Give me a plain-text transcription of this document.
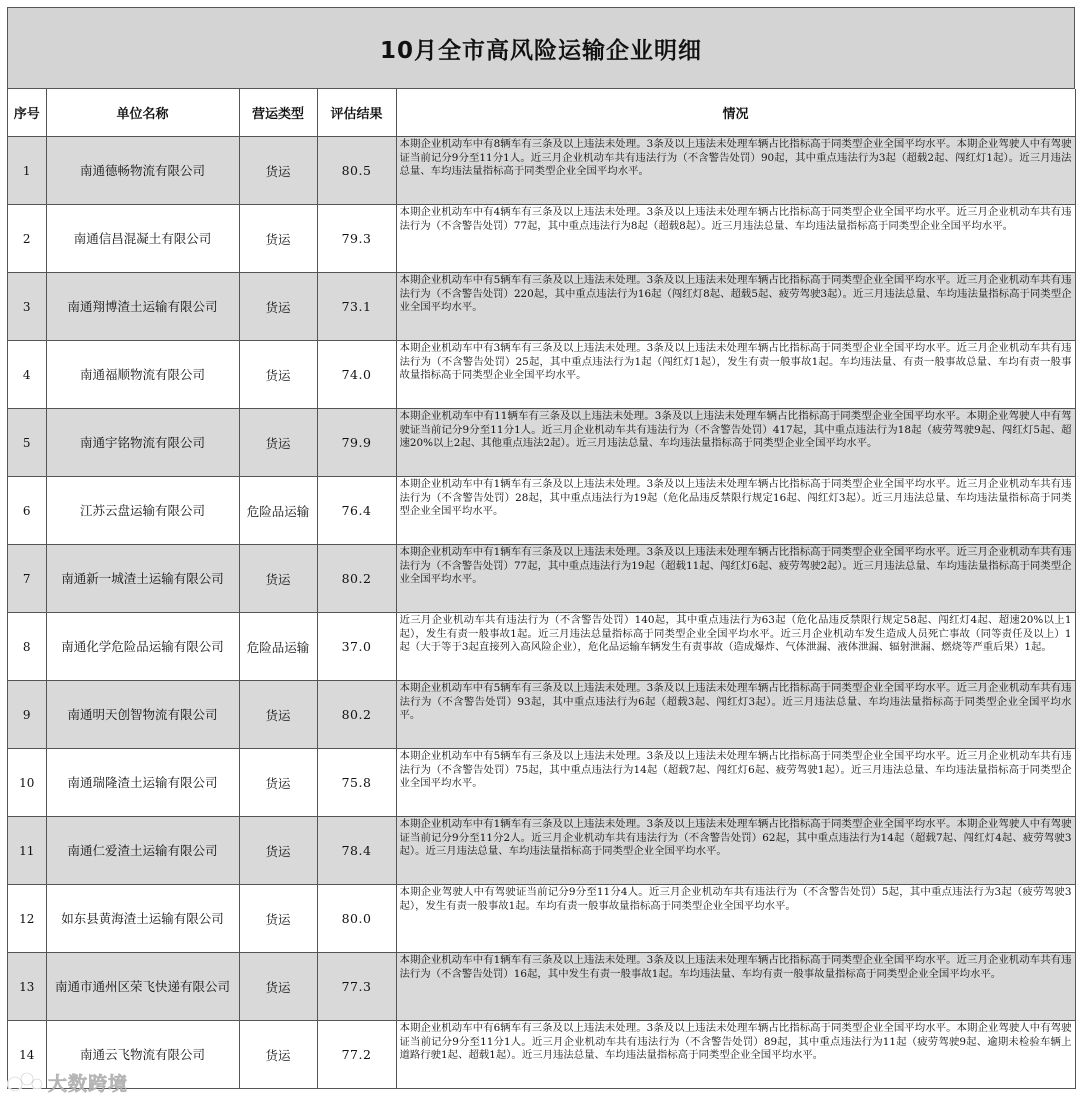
10月全市高风险运输企业明细
序号	单位名称	营运类型	评估结果	情况
1	南通德畅物流有限公司	货运	80.5	本期企业机动车中有8辆车有三条及以上违法未处理。3条及以上违法未处理车辆占比指标高于同类型企业全国平均水平。本期企业驾驶人中有驾驶证当前记分9分至11分1人。近三月企业机动车共有违法行为（不含警告处罚）90起，其中重点违法行为3起（超载2起、闯红灯1起）。近三月违法总量、车均违法量指标高于同类型企业全国平均水平。
2	南通信昌混凝土有限公司	货运	79.3	本期企业机动车中有4辆车有三条及以上违法未处理。3条及以上违法未处理车辆占比指标高于同类型企业全国平均水平。近三月企业机动车共有违法行为（不含警告处罚）77起，其中重点违法行为8起（超载8起）。近三月违法总量、车均违法量指标高于同类型企业全国平均水平。
3	南通翔博渣土运输有限公司	货运	73.1	本期企业机动车中有5辆车有三条及以上违法未处理。3条及以上违法未处理车辆占比指标高于同类型企业全国平均水平。近三月企业机动车共有违法行为（不含警告处罚）220起，其中重点违法行为16起（闯红灯8起、超载5起、疲劳驾驶3起）。近三月违法总量、车均违法量指标高于同类型企业全国平均水平。
4	南通福顺物流有限公司	货运	74.0	本期企业机动车中有3辆车有三条及以上违法未处理。3条及以上违法未处理车辆占比指标高于同类型企业全国平均水平。近三月企业机动车共有违法行为（不含警告处罚）25起，其中重点违法行为1起（闯红灯1起），发生有责一般事故1起。车均违法量、有责一般事故总量、车均有责一般事故量指标高于同类型企业全国平均水平。
5	南通宇铭物流有限公司	货运	79.9	本期企业机动车中有11辆车有三条及以上违法未处理。3条及以上违法未处理车辆占比指标高于同类型企业全国平均水平。本期企业驾驶人中有驾驶证当前记分9分至11分1人。近三月企业机动车共有违法行为（不含警告处罚）417起，其中重点违法行为18起（疲劳驾驶9起、闯红灯5起、超速20%以上2起、其他重点违法2起）。近三月违法总量、车均违法量指标高于同类型企业全国平均水平。
6	江苏云盘运输有限公司	危险品运输	76.4	本期企业机动车中有1辆车有三条及以上违法未处理。3条及以上违法未处理车辆占比指标高于同类型企业全国平均水平。近三月企业机动车共有违法行为（不含警告处罚）28起，其中重点违法行为19起（危化品违反禁限行规定16起、闯红灯3起）。近三月违法总量、车均违法量指标高于同类型企业全国平均水平。
7	南通新一城渣土运输有限公司	货运	80.2	本期企业机动车中有1辆车有三条及以上违法未处理。3条及以上违法未处理车辆占比指标高于同类型企业全国平均水平。近三月企业机动车共有违法行为（不含警告处罚）77起，其中重点违法行为19起（超载11起、闯红灯6起、疲劳驾驶2起）。近三月违法总量、车均违法量指标高于同类型企业全国平均水平。
8	南通化学危险品运输有限公司	危险品运输	37.0	近三月企业机动车共有违法行为（不含警告处罚）140起，其中重点违法行为63起（危化品违反禁限行规定58起、闯红灯4起、超速20%以上1起），发生有责一般事故1起。近三月违法总量指标高于同类型企业全国平均水平。近三月企业机动车发生造成人员死亡事故（同等责任及以上）1起（大于等于3起直接列入高风险企业），危化品运输车辆发生有责事故（造成爆炸、气体泄漏、液体泄漏、辐射泄漏、燃烧等严重后果）1起。
9	南通明天创智物流有限公司	货运	80.2	本期企业机动车中有5辆车有三条及以上违法未处理。3条及以上违法未处理车辆占比指标高于同类型企业全国平均水平。近三月企业机动车共有违法行为（不含警告处罚）93起，其中重点违法行为6起（超载3起、闯红灯3起）。近三月违法总量、车均违法量指标高于同类型企业全国平均水平。
10	南通瑞隆渣土运输有限公司	货运	75.8	本期企业机动车中有5辆车有三条及以上违法未处理。3条及以上违法未处理车辆占比指标高于同类型企业全国平均水平。近三月企业机动车共有违法行为（不含警告处罚）75起，其中重点违法行为14起（超载7起、闯红灯6起、疲劳驾驶1起）。近三月违法总量、车均违法量指标高于同类型企业全国平均水平。
11	南通仁爱渣土运输有限公司	货运	78.4	本期企业机动车中有1辆车有三条及以上违法未处理。3条及以上违法未处理车辆占比指标高于同类型企业全国平均水平。本期企业驾驶人中有驾驶证当前记分9分至11分2人。近三月企业机动车共有违法行为（不含警告处罚）62起，其中重点违法行为14起（超载7起、闯红灯4起、疲劳驾驶3起）。近三月违法总量、车均违法量指标高于同类型企业全国平均水平。
12	如东县黄海渣土运输有限公司	货运	80.0	本期企业驾驶人中有驾驶证当前记分9分至11分4人。近三月企业机动车共有违法行为（不含警告处罚）5起，其中重点违法行为3起（疲劳驾驶3起），发生有责一般事故1起。车均有责一般事故量指标高于同类型企业全国平均水平。
13	南通市通州区荣飞快递有限公司	货运	77.3	本期企业机动车中有1辆车有三条及以上违法未处理。3条及以上违法未处理车辆占比指标高于同类型企业全国平均水平。近三月企业机动车共有违法行为（不含警告处罚）16起，其中发生有责一般事故1起。车均违法量、车均有责一般事故量指标高于同类型企业全国平均水平。
14	南通云飞物流有限公司	货运	77.2	本期企业机动车中有6辆车有三条及以上违法未处理。3条及以上违法未处理车辆占比指标高于同类型企业全国平均水平。本期企业驾驶人中有驾驶证当前记分9分至11分1人。近三月企业机动车共有违法行为（不含警告处罚）89起，其中重点违法行为11起（疲劳驾驶9起、逾期未检验车辆上道路行驶1起、超载1起）。近三月违法总量、车均违法量指标高于同类型企业全国平均水平。
大数跨境
